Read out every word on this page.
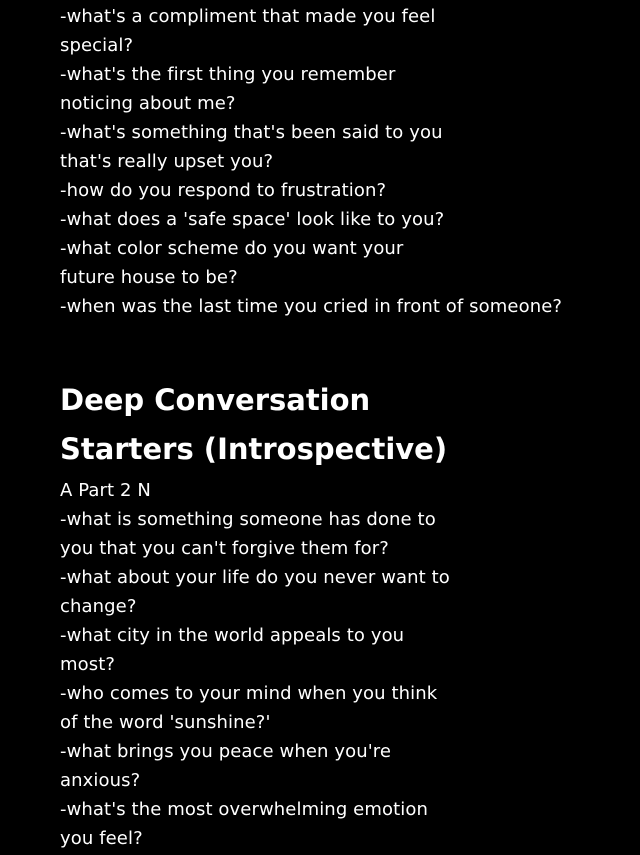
-what's a compliment that made you feel
special?
-what's the first thing you remember
noticing about me?
-what's something that's been said to you
that's really upset you?
-how do you respond to frustration?
-what does a 'safe space' look like to you?
-what color scheme do you want your
future house to be?
-when was the last time you cried in front of someone?
Deep Conversation
Starters (Introspective)
A Part 2 N
-what is something someone has done to
you that you can't forgive them for?
-what about your life do you never want to
change?
-what city in the world appeals to you
most?
-who comes to your mind when you think
of the word 'sunshine?'
-what brings you peace when you're
anxious?
-what's the most overwhelming emotion
you feel?
